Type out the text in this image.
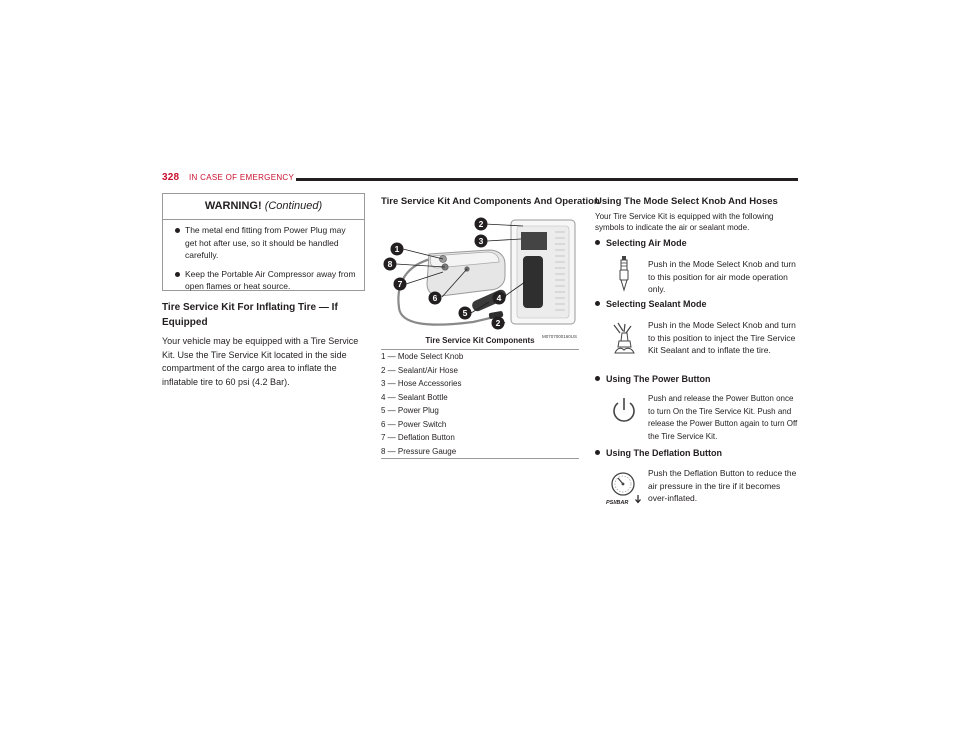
328 IN CASE OF EMERGENCY
WARNING! (Continued)
The metal end fitting from Power Plug may get hot after use, so it should be handled carefully.
Keep the Portable Air Compressor away from open flames or heat source.
Tire Service Kit For Inflating Tire — If Equipped
Your vehicle may be equipped with a Tire Service Kit. Use the Tire Service Kit located in the side compartment of the cargo area to inflate the inflatable tire to 60 psi (4.2 Bar).
Tire Service Kit And Components And Operation
1
2
3
4
5
6
7
8
2
M0707000160US
Tire Service Kit Components
1 — Mode Select Knob
2 — Sealant/Air Hose
3 — Hose Accessories
4 — Sealant Bottle
5 — Power Plug
6 — Power Switch
7 — Deflation Button
8 — Pressure Gauge
Using The Mode Select Knob And Hoses
Your Tire Service Kit is equipped with the following symbols to indicate the air or sealant mode.
Selecting Air Mode
Push in the Mode Select Knob and turn to this position for air mode operation only.
Selecting Sealant Mode
Push in the Mode Select Knob and turn to this position to inject the Tire Service Kit Sealant and to inflate the tire.
Using The Power Button
Push and release the Power Button once to turn On the Tire Service Kit. Push and release the Power Button again to turn Off the Tire Service Kit.
Using The Deflation Button
PSI/BAR
Push the Deflation Button to reduce the air pressure in the tire if it becomes over-inflated.
